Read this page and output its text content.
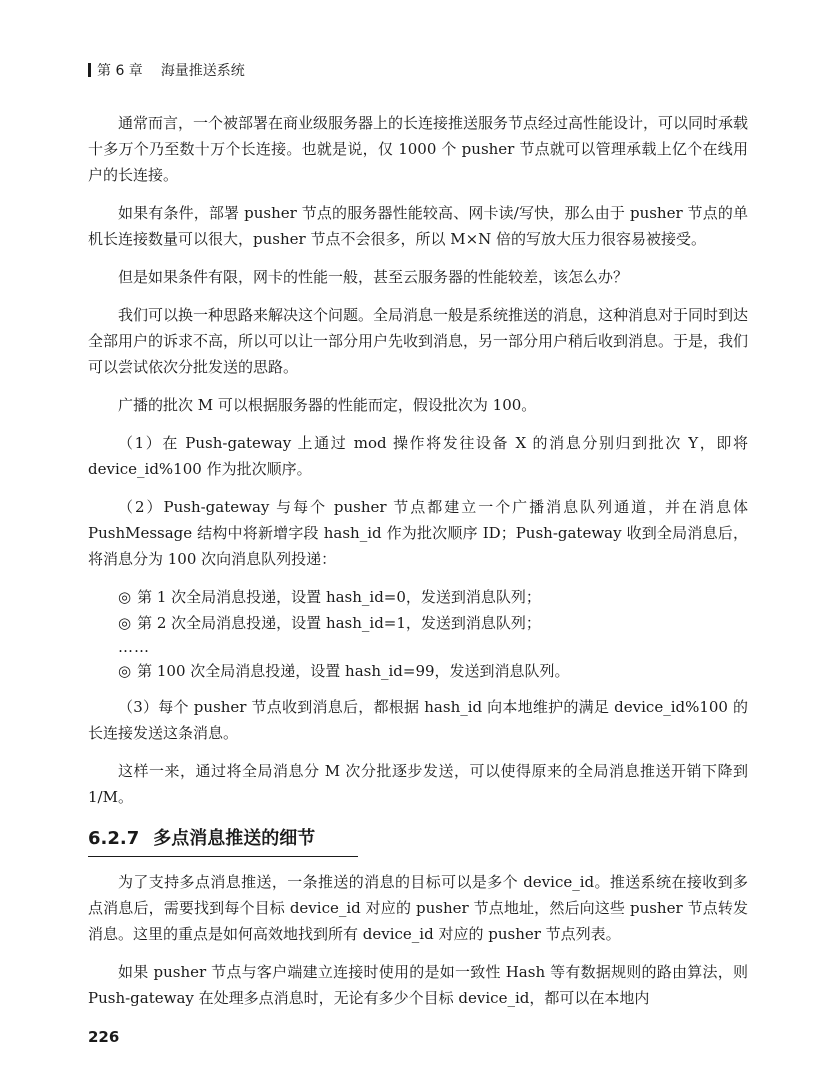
第 6 章 海量推送系统

通常而言，一个被部署在商业级服务器上的长连接推送服务节点经过高性能设计，可以同时承载十多万个乃至数十万个长连接。也就是说，仅 1000 个 pusher 节点就可以管理承载上亿个在线用户的长连接。

如果有条件，部署 pusher 节点的服务器性能较高、网卡读/写快，那么由于 pusher 节点的单机长连接数量可以很大，pusher 节点不会很多，所以 M×N 倍的写放大压力很容易被接受。

但是如果条件有限，网卡的性能一般，甚至云服务器的性能较差，该怎么办？

我们可以换一种思路来解决这个问题。全局消息一般是系统推送的消息，这种消息对于同时到达全部用户的诉求不高，所以可以让一部分用户先收到消息，另一部分用户稍后收到消息。于是，我们可以尝试依次分批发送的思路。

广播的批次 M 可以根据服务器的性能而定，假设批次为 100。

（1）在 Push-gateway 上通过 mod 操作将发往设备 X 的消息分别归到批次 Y，即将 device_id%100 作为批次顺序。

（2）Push-gateway 与每个 pusher 节点都建立一个广播消息队列通道，并在消息体 PushMessage 结构中将新增字段 hash_id 作为批次顺序 ID；Push-gateway 收到全局消息后，将消息分为 100 次向消息队列投递：

◎ 第 1 次全局消息投递，设置 hash_id=0，发送到消息队列；

◎ 第 2 次全局消息投递，设置 hash_id=1，发送到消息队列；

……

◎ 第 100 次全局消息投递，设置 hash_id=99，发送到消息队列。

（3）每个 pusher 节点收到消息后，都根据 hash_id 向本地维护的满足 device_id%100 的长连接发送这条消息。

这样一来，通过将全局消息分 M 次分批逐步发送，可以使得原来的全局消息推送开销下降到 1/M。

6.2.7 多点消息推送的细节

为了支持多点消息推送，一条推送的消息的目标可以是多个 device_id。推送系统在接收到多点消息后，需要找到每个目标 device_id 对应的 pusher 节点地址，然后向这些 pusher 节点转发消息。这里的重点是如何高效地找到所有 device_id 对应的 pusher 节点列表。

如果 pusher 节点与客户端建立连接时使用的是如一致性 Hash 等有数据规则的路由算法，则 Push-gateway 在处理多点消息时，无论有多少个目标 device_id，都可以在本地内

226
